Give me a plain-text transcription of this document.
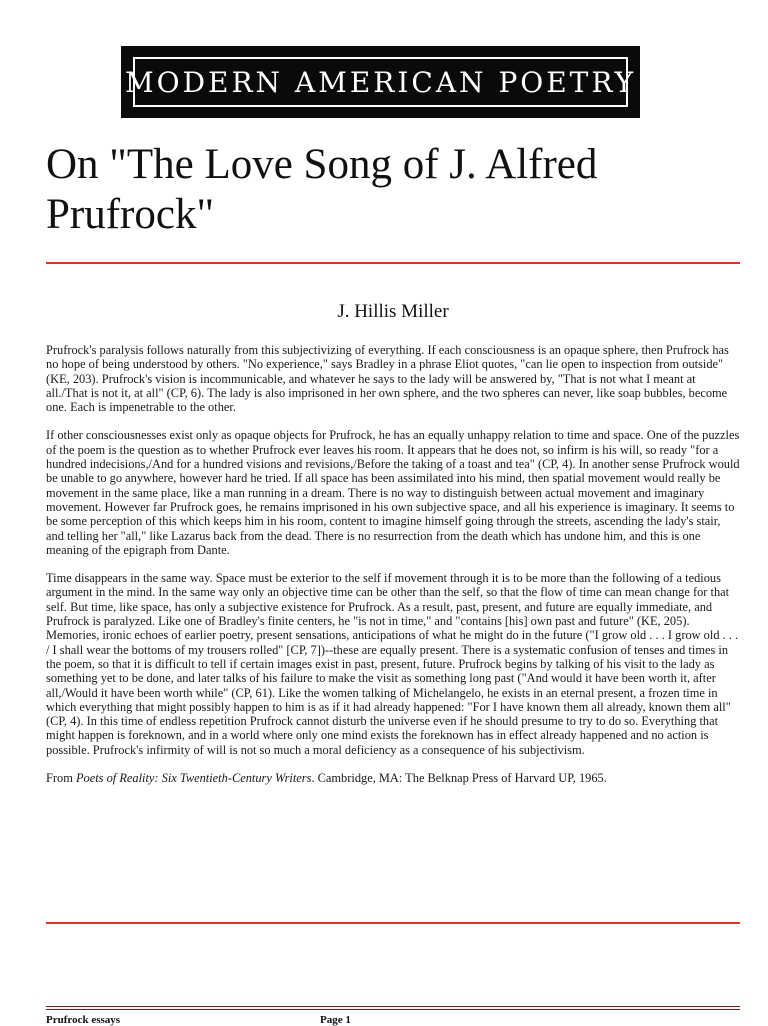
MODERN AMERICAN POETRY
On "The Love Song of J. Alfred Prufrock"
J. Hillis Miller

Prufrock's paralysis follows naturally from this subjectivizing of everything. If each consciousness is an opaque sphere, then Prufrock has no hope of being understood by others. "No experience," says Bradley in a phrase Eliot quotes, "can lie open to inspection from outside" (KE, 203). Prufrock's vision is incommunicable, and whatever he says to the lady will be answered by, "That is not what I meant at all./That is not it, at all" (CP, 6). The lady is also imprisoned in her own sphere, and the two spheres can never, like soap bubbles, become one. Each is impenetrable to the other.

If other consciousnesses exist only as opaque objects for Prufrock, he has an equally unhappy relation to time and space. One of the puzzles of the poem is the question as to whether Prufrock ever leaves his room. It appears that he does not, so infirm is his will, so ready "for a hundred indecisions,/And for a hundred visions and revisions,/Before the taking of a toast and tea" (CP, 4). In another sense Prufrock would be unable to go anywhere, however hard he tried. If all space has been assimilated into his mind, then spatial movement would really be movement in the same place, like a man running in a dream. There is no way to distinguish between actual movement and imaginary movement. However far Prufrock goes, he remains imprisoned in his own subjective space, and all his experience is imaginary. It seems to be some perception of this which keeps him in his room, content to imagine himself going through the streets, ascending the lady's stair, and telling her "all," like Lazarus back from the dead. There is no resurrection from the death which has undone him, and this is one meaning of the epigraph from Dante.

Time disappears in the same way. Space must be exterior to the self if movement through it is to be more than the following of a tedious argument in the mind. In the same way only an objective time can be other than the self, so that the flow of time can mean change for that self. But time, like space, has only a subjective existence for Prufrock. As a result, past, present, and future are equally immediate, and Prufrock is paralyzed. Like one of Bradley's finite centers, he "is not in time," and "contains [his] own past and future" (KE, 205). Memories, ironic echoes of earlier poetry, present sensations, anticipations of what he might do in the future ("I grow old . . . I grow old . . . / I shall wear the bottoms of my trousers rolled" [CP, 7])--these are equally present. There is a systematic confusion of tenses and times in the poem, so that it is difficult to tell if certain images exist in past, present, future. Prufrock begins by talking of his visit to the lady as something yet to be done, and later talks of his failure to make the visit as something long past ("And would it have been worth it, after all,/Would it have been worth while" (CP, 61). Like the women talking of Michelangelo, he exists in an eternal present, a frozen time in which everything that might possibly happen to him is as if it had already happened: "For I have known them all already, known them all" (CP, 4). In this time of endless repetition Prufrock cannot disturb the universe even if he should presume to try to do so. Everything that might happen is foreknown, and in a world where only one mind exists the foreknown has in effect already happened and no action is possible. Prufrock's infirmity of will is not so much a moral deficiency as a consequence of his subjectivism.

From Poets of Reality: Six Twentieth-Century Writers. Cambridge, MA: The Belknap Press of Harvard UP, 1965.

Prufrock essays	Page 1
